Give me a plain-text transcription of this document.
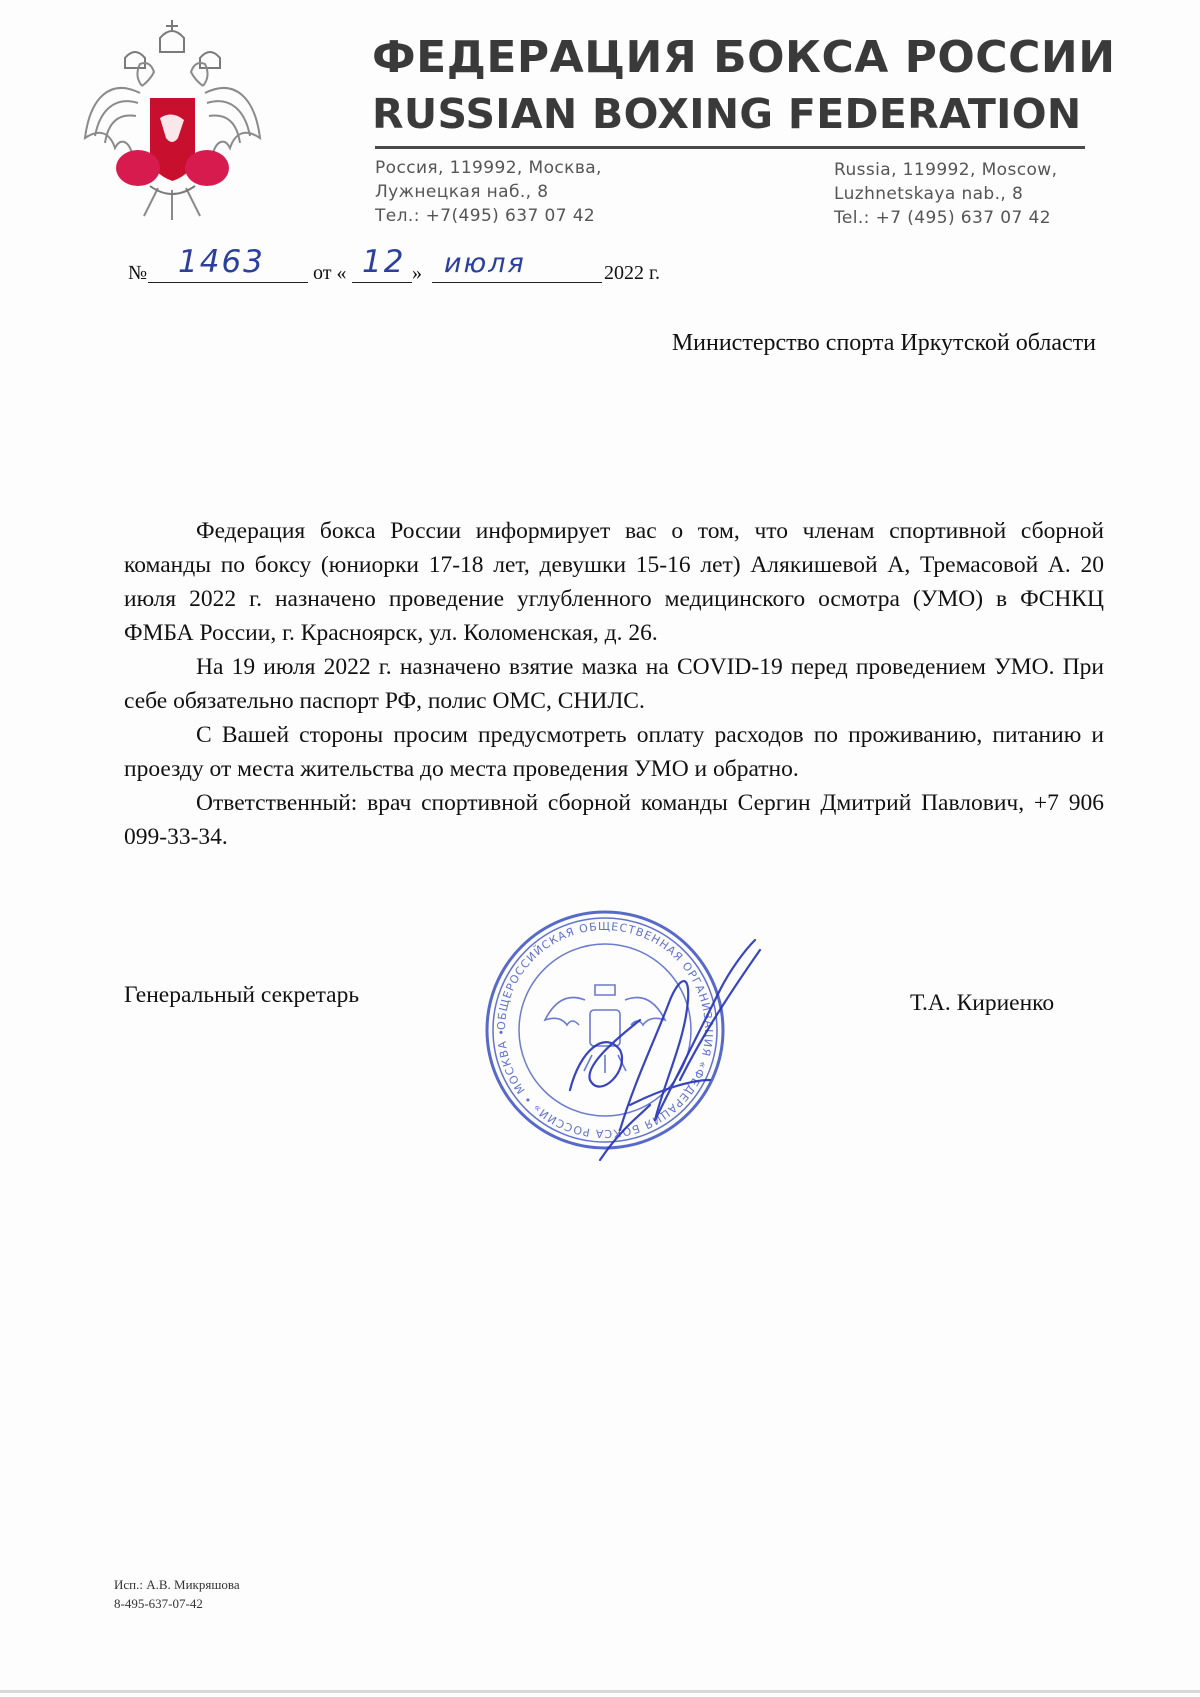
ФЕДЕРАЦИЯ БОКСА РОССИИ
RUSSIAN BOXING FEDERATION
Россия, 119992, Москва,
Лужнецкая наб., 8
Тел.: +7(495) 637 07 42
Russia, 119992, Moscow,
Luzhnetskaya nab., 8
Tel.: +7 (495) 637 07 42
№ 1463 от « 12 » июля	2022 г.
Министерство спорта Иркутской области

Федерация бокса России информирует вас о том, что членам спортивной сборной команды по боксу (юниорки 17-18 лет, девушки 15-16 лет) Алякишевой А, Тремасовой А. 20 июля 2022 г. назначено проведение углубленного медицинского осмотра (УМО) в ФСНКЦ ФМБА России, г. Красноярск, ул. Коломенская, д. 26.

На 19 июля 2022 г. назначено взятие мазка на COVID-19 перед проведением УМО. При себе обязательно паспорт РФ, полис ОМС, СНИЛС.

С Вашей стороны просим предусмотреть оплату расходов по проживанию, питанию и проезду от места жительства до места проведения УМО и обратно.

Ответственный: врач спортивной сборной команды Сергин Дмитрий Павлович, +7 906 099-33-34.

Генеральный секретарь
ОБЩЕРОССИЙСКАЯ ОБЩЕСТВЕННАЯ ОРГАНИЗАЦИЯ «ФЕДЕРАЦИЯ БОКСА РОССИИ» • МОСКВА •
Т.А. Кириенко
Исп.: А.В. Микряшова
8-495-637-07-42
